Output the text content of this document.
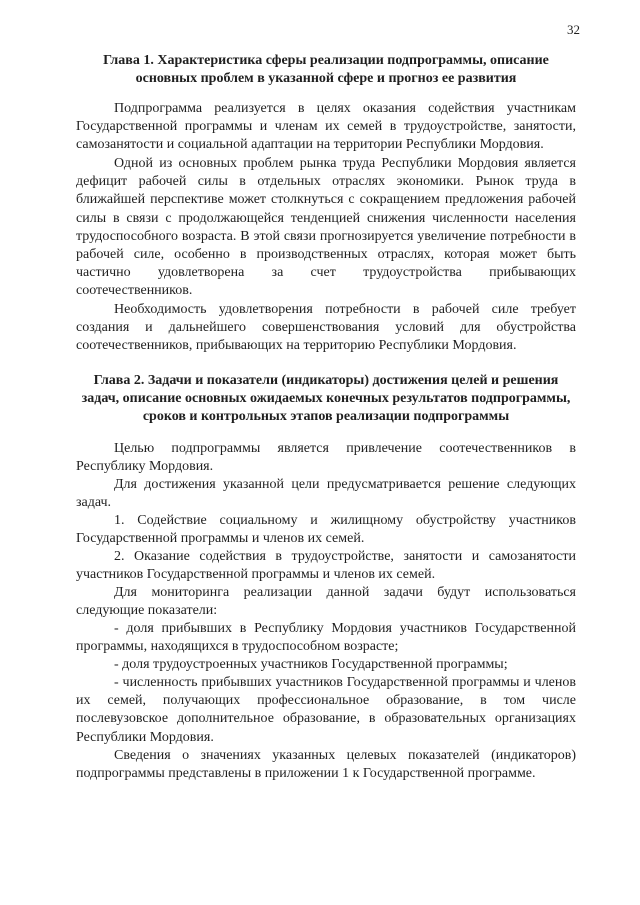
32
Глава 1. Характеристика сферы реализации подпрограммы, описание основных проблем в указанной сфере и прогноз ее развития

Подпрограмма реализуется в целях оказания содействия участникам Государственной программы и членам их семей в трудоустройстве, занятости, самозанятости и социальной адаптации на территории Республики Мордовия.

Одной из основных проблем рынка труда Республики Мордовия является дефицит рабочей силы в отдельных отраслях экономики. Рынок труда в ближайшей перспективе может столкнуться с сокращением предложения рабочей силы в связи с продолжающейся тенденцией снижения численности населения трудоспособного возраста. В этой связи прогнозируется увеличение потребности в рабочей силе, особенно в производственных отраслях, которая может быть частично удовлетворена за счет трудоустройства прибывающих соотечественников.

Необходимость удовлетворения потребности в рабочей силе требует создания и дальнейшего совершенствования условий для обустройства соотечественников, прибывающих на территорию Республики Мордовия.

Глава 2. Задачи и показатели (индикаторы) достижения целей и решения задач, описание основных ожидаемых конечных результатов подпрограммы, сроков и контрольных этапов реализации подпрограммы

Целью подпрограммы является привлечение соотечественников в Республику Мордовия.

Для достижения указанной цели предусматривается решение следующих задач.

1. Содействие социальному и жилищному обустройству участников Государственной программы и членов их семей.

2. Оказание содействия в трудоустройстве, занятости и самозанятости участников Государственной программы и членов их семей.

Для мониторинга реализации данной задачи будут использоваться следующие показатели:

- доля прибывших в Республику Мордовия участников Государственной программы, находящихся в трудоспособном возрасте;

- доля трудоустроенных участников Государственной программы;

- численность прибывших участников Государственной программы и членов их семей, получающих профессиональное образование, в том числе послевузовское дополнительное образование, в образовательных организациях Республики Мордовия.

Сведения о значениях указанных целевых показателей (индикаторов) подпрограммы представлены в приложении 1 к Государственной программе.
